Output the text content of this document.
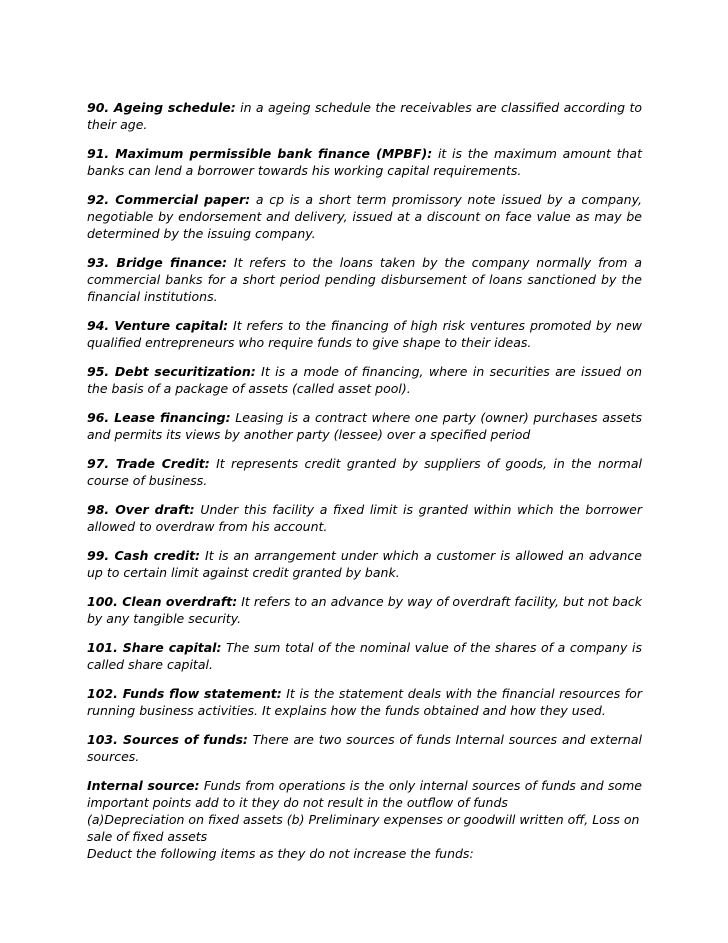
90. Ageing schedule: in a ageing schedule the receivables are classified according to their age.

91. Maximum permissible bank finance (MPBF): it is the maximum amount that banks can lend a borrower towards his working capital requirements.

92. Commercial paper: a cp is a short term promissory note issued by a company, negotiable by endorsement and delivery, issued at a discount on face value as may be determined by the issuing company.

93. Bridge finance: It refers to the loans taken by the company normally from a commercial banks for a short period pending disbursement of loans sanctioned by the financial institutions.

94. Venture capital: It refers to the financing of high risk ventures promoted by new qualified entrepreneurs who require funds to give shape to their ideas.

95. Debt securitization: It is a mode of financing, where in securities are issued on the basis of a package of assets (called asset pool).

96. Lease financing: Leasing is a contract where one party (owner) purchases assets and permits its views by another party (lessee) over a specified period

97. Trade Credit: It represents credit granted by suppliers of goods, in the normal course of business.

98. Over draft: Under this facility a fixed limit is granted within which the borrower allowed to overdraw from his account.

99. Cash credit: It is an arrangement under which a customer is allowed an advance up to certain limit against credit granted by bank.

100. Clean overdraft: It refers to an advance by way of overdraft facility, but not back by any tangible security.

101. Share capital: The sum total of the nominal value of the shares of a company is called share capital.

102. Funds flow statement: It is the statement deals with the financial resources for running business activities. It explains how the funds obtained and how they used.

103. Sources of funds: There are two sources of funds Internal sources and external sources.

Internal source: Funds from operations is the only internal sources of funds and some important points add to it they do not result in the outflow of funds
(a)Depreciation on fixed assets (b) Preliminary expenses or goodwill written off, Loss on sale of fixed assets
Deduct the following items as they do not increase the funds:
